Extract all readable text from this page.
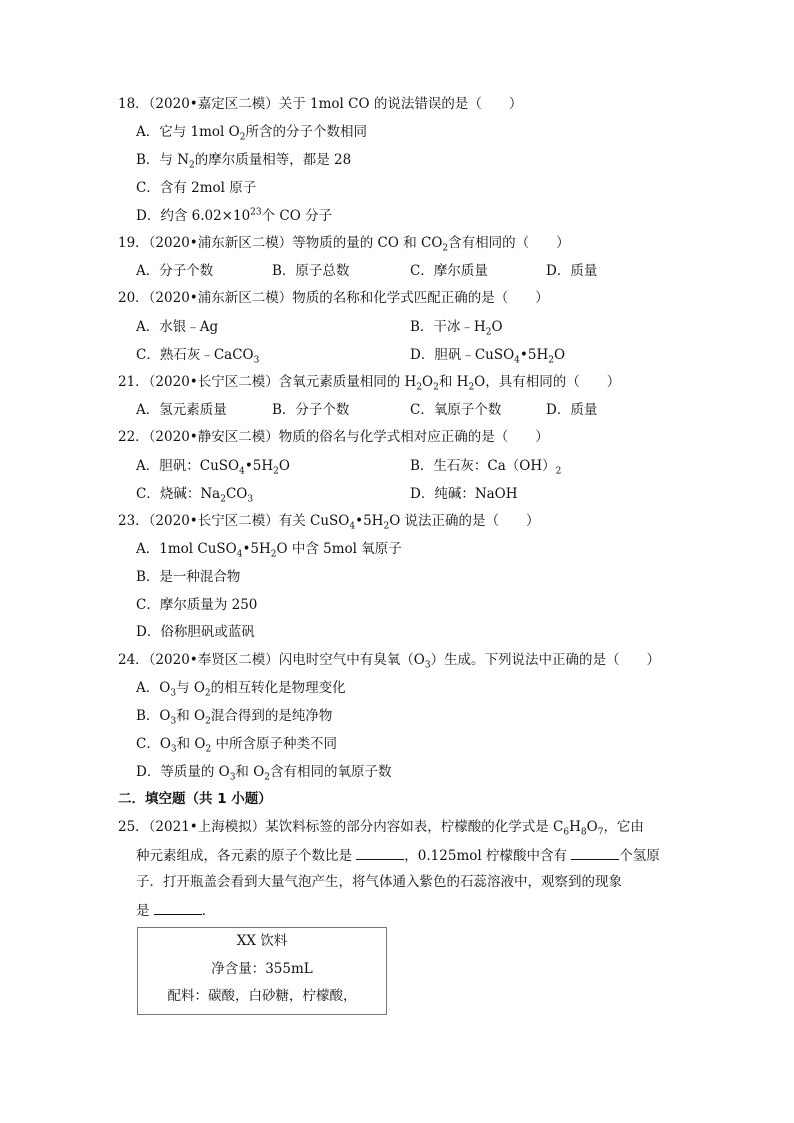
18．（2020•嘉定区二模）关于 1mol CO 的说法错误的是（　　）
A．它与 1mol $O_2$所含的分子个数相同
B．与 $N_2$的摩尔质量相等，都是 28
C．含有 2mol 原子
D．约含 $6.02\times 10^{23}$个 CO 分子
19．（2020•浦东新区二模）等物质的量的 CO 和 $CO_2$含有相同的（　　）
A．分子个数	B．原子总数	C．摩尔质量	D．质量
20．（2020•浦东新区二模）物质的名称和化学式匹配正确的是（　　）
A．水银﹣Ag	B．干冰$﹣H_2O$
C．熟石灰﹣CaCO$_3$	D．胆矾$﹣CuSO_4•5H_2O$
21．（2020•长宁区二模）含氧元素质量相同的 $H_2O_2$和 $H_2O$，具有相同的（　　）
A．氢元素质量	B．分子个数	C．氧原子个数	D．质量
22．（2020•静安区二模）物质的俗名与化学式相对应正确的是（　　）
A．胆矾：$CuSO_4•5H_2O$	B．生石灰：$Ca(OH)_2$
C．烧碱：$Na_2CO_3$	D．纯碱：NaOH
23．（2020•长宁区二模）有关 $CuSO_4•5H_2O$ 说法正确的是（　　）
A．1mol $CuSO_4•5H_2O$ 中含 5mol 氧原子
B．是一种混合物
C．摩尔质量为 250
D．俗称胆矾或蓝矾
24．（2020•奉贤区二模）闪电时空气中有臭氧$(O_3)$生成。下列说法中正确的是（　　）
A．$O_3$与 $O_2$的相互转化是物理变化
B．$O_3$和 $O_2$混合得到的是纯净物
C．$O_3$和 $O_2$ 中所含原子种类不同
D．等质量的 $O_3$和 $O_2$含有相同的氧原子数
二．填空题（共 1 小题）
25．（2021•上海模拟）某饮料标签的部分内容如表，柠檬酸的化学式是 $C_6H_8O_7$，它由
种元素组成，各元素的原子个数比是	，0.125mol 柠檬酸中含有	个氢原
子．打开瓶盖会看到大量气泡产生，将气体通入紫色的石蕊溶液中，观察到的现象
是	．
XX 饮料
净含量：355mL
配料：碳酸，白砂糖，柠檬酸，
